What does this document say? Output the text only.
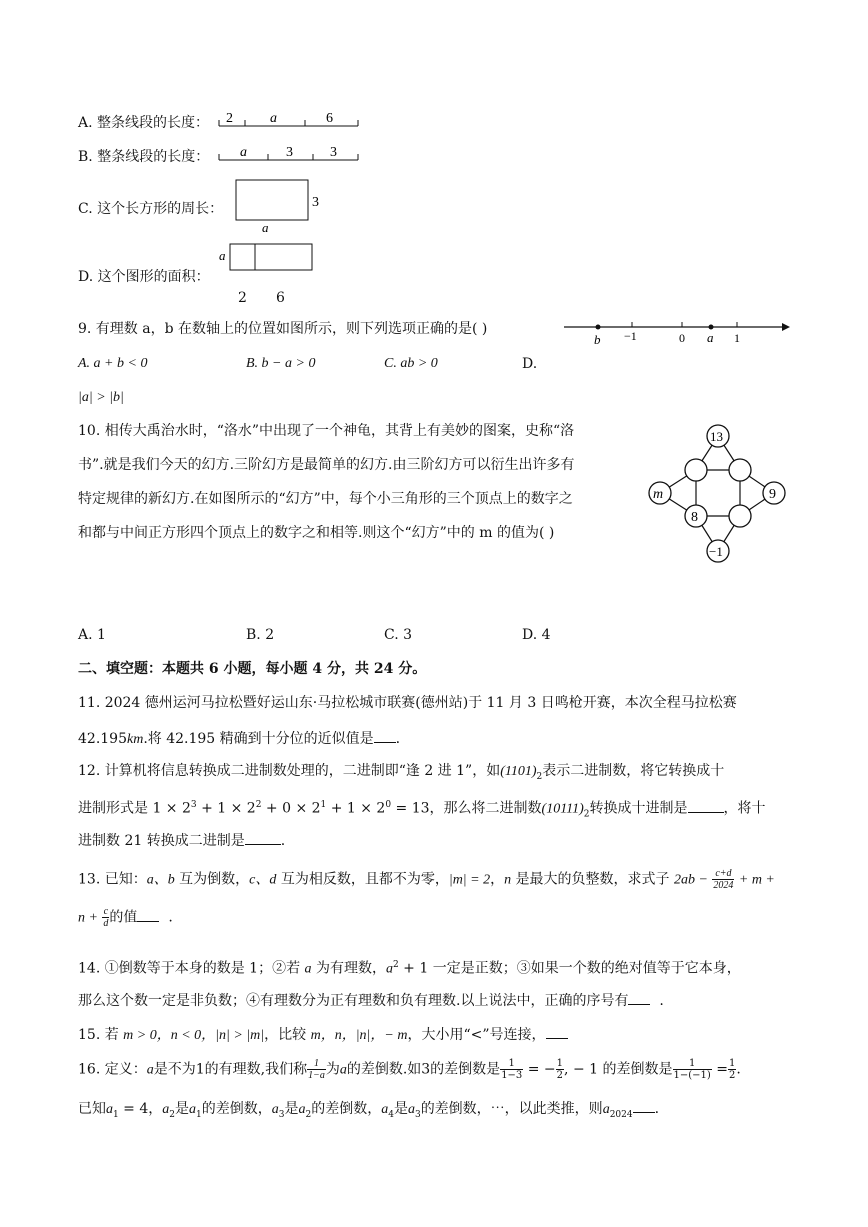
A. 整条线段的长度： 2	a	6
B. 整条线段的长度： a	3	3
C. 这个长方形的周长：	3
a
D. 这个图形的面积：
a
2 6
9. 有理数 a，b 在数轴上的位置如图所示，则下列选项正确的是( )
b −1	0 a 1
A. a + b < 0	B. b − a > 0	C. ab > 0	D.
|a| > |b|
10. 相传大禹治水时，“洛水”中出现了一个神龟，其背上有美妙的图案，史称“洛
书”.就是我们今天的幻方.三阶幻方是最简单的幻方.由三阶幻方可以衍生出许多有
特定规律的新幻方.在如图所示的“幻方”中，每个小三角形的三个顶点上的数字之
和都与中间正方形四个顶点上的数字之和相等.则这个“幻方”中的 m 的值为( )
13
m	9
8
−1
A. 1	B. 2	C. 3	D. 4
二、填空题：本题共 6 小题，每小题 4 分，共 24 分。
11. 2024 德州运河马拉松暨好运山东·马拉松城市联赛(德州站)于 11 月 3 日鸣枪开赛，本次全程马拉松赛
42.195km.将 42.195 精确到十分位的近似值是 .
12. 计算机将信息转换成二进制数处理的，二进制即“逢 2 进 1”，如$(1101)_2$表示二进制数，将它转换成十
进制形式是 $1 \times 2^3 + 1 \times 2^2 + 0 \times 2^1 + 1 \times 2^0 = 13$，那么将二进制数$(10111)_2$转换成十进制是	，将十
进制数 21 转换成二进制是	.
13. 已知：a、b 互为倒数，c、d 互为相反数，且都不为零，|m| = 2，n 是最大的负整数，求式子 $2ab - \frac{c+d}{2024} + m$ +
$n + \frac{c}{d}$ 的值 .
14. ①倒数等于本身的数是 1；②若 a 为有理数，$a^2 + 1$ 一定是正数；③如果一个数的绝对值等于它本身，
那么这个数一定是非负数；④有理数分为正有理数和负有理数.以上说法中，正确的序号有 .
15. 若 m > 0，n < 0，|n| > |m|，比较 m，n，|n|，− m，大小用“<”号连接，
16. 定义：a是不为1的有理数,我们称 $\frac{1}{1-a}$ 为a的差倒数.如3的差倒数是 $\frac{1}{1-3}$ = − $\frac{1}{2}$ , − 1 的差倒数是 $\frac{1}{1-(-1)} = \frac{1}{2}$ .
已知$a_1 = 4$，$a_2$是$a_1$的差倒数，$a_3$是$a_2$的差倒数，$a_4$是$a_3$的差倒数，⋯，以此类推，则$a_{2024}$ .
